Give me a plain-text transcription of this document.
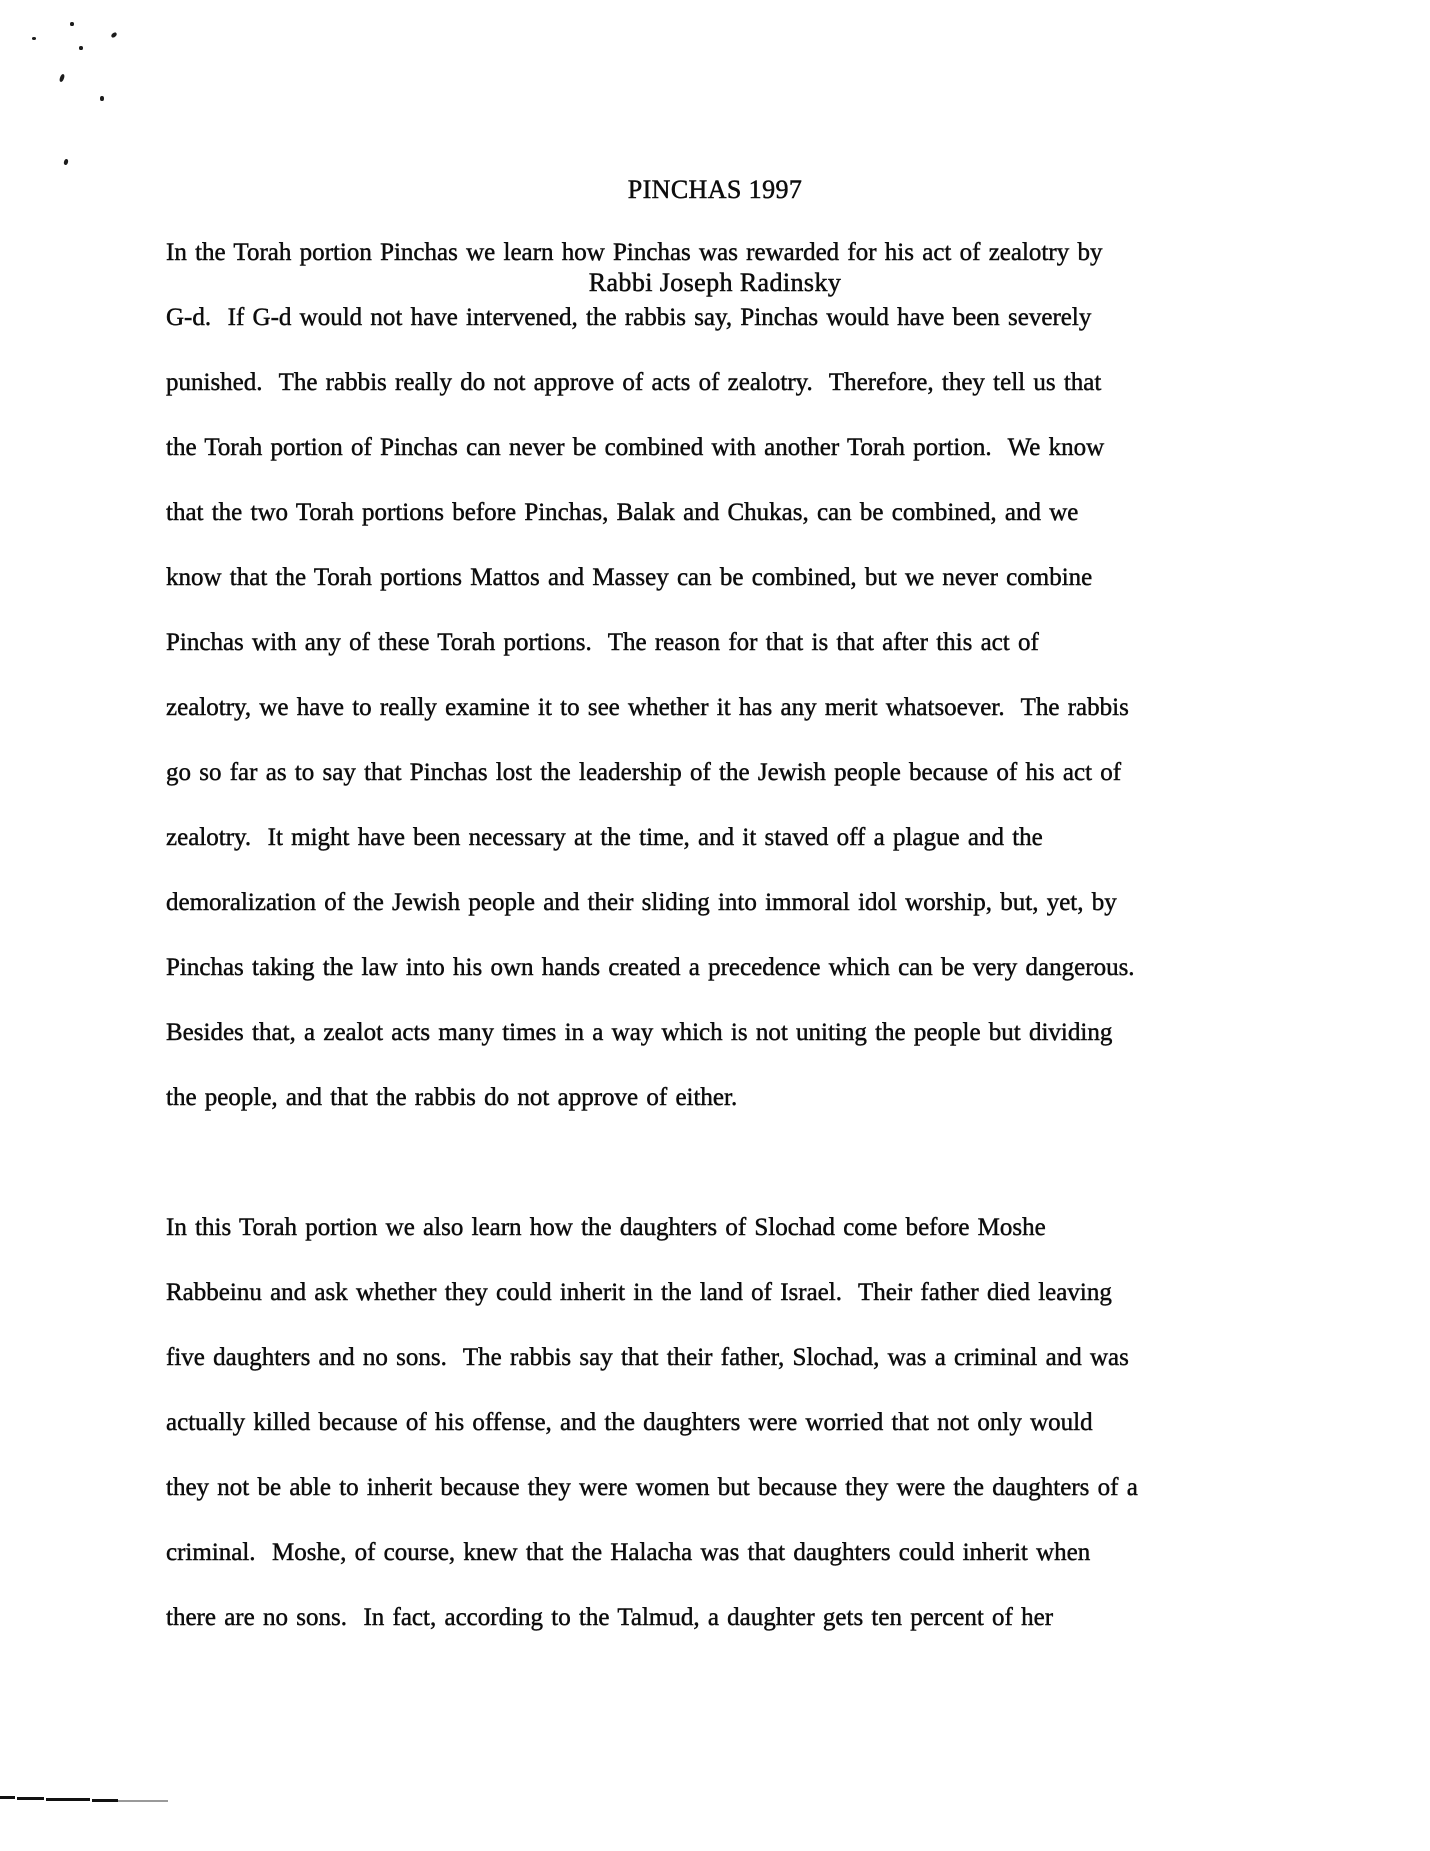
PINCHAS 1997

Rabbi Joseph Radinsky

In the Torah portion Pinchas we learn how Pinchas was rewarded for his act of zealotry by
G-d.  If G-d would not have intervened, the rabbis say, Pinchas would have been severely
punished.  The rabbis really do not approve of acts of zealotry.  Therefore, they tell us that
the Torah portion of Pinchas can never be combined with another Torah portion.  We know
that the two Torah portions before Pinchas, Balak and Chukas, can be combined, and we
know that the Torah portions Mattos and Massey can be combined, but we never combine
Pinchas with any of these Torah portions.  The reason for that is that after this act of
zealotry, we have to really examine it to see whether it has any merit whatsoever.  The rabbis
go so far as to say that Pinchas lost the leadership of the Jewish people because of his act of
zealotry.  It might have been necessary at the time, and it staved off a plague and the
demoralization of the Jewish people and their sliding into immoral idol worship, but, yet, by
Pinchas taking the law into his own hands created a precedence which can be very dangerous.
Besides that, a zealot acts many times in a way which is not uniting the people but dividing
the people, and that the rabbis do not approve of either.

In this Torah portion we also learn how the daughters of Slochad come before Moshe
Rabbeinu and ask whether they could inherit in the land of Israel.  Their father died leaving
five daughters and no sons.  The rabbis say that their father, Slochad, was a criminal and was
actually killed because of his offense, and the daughters were worried that not only would
they not be able to inherit because they were women but because they were the daughters of a
criminal.  Moshe, of course, knew that the Halacha was that daughters could inherit when
there are no sons.  In fact, according to the Talmud, a daughter gets ten percent of her
